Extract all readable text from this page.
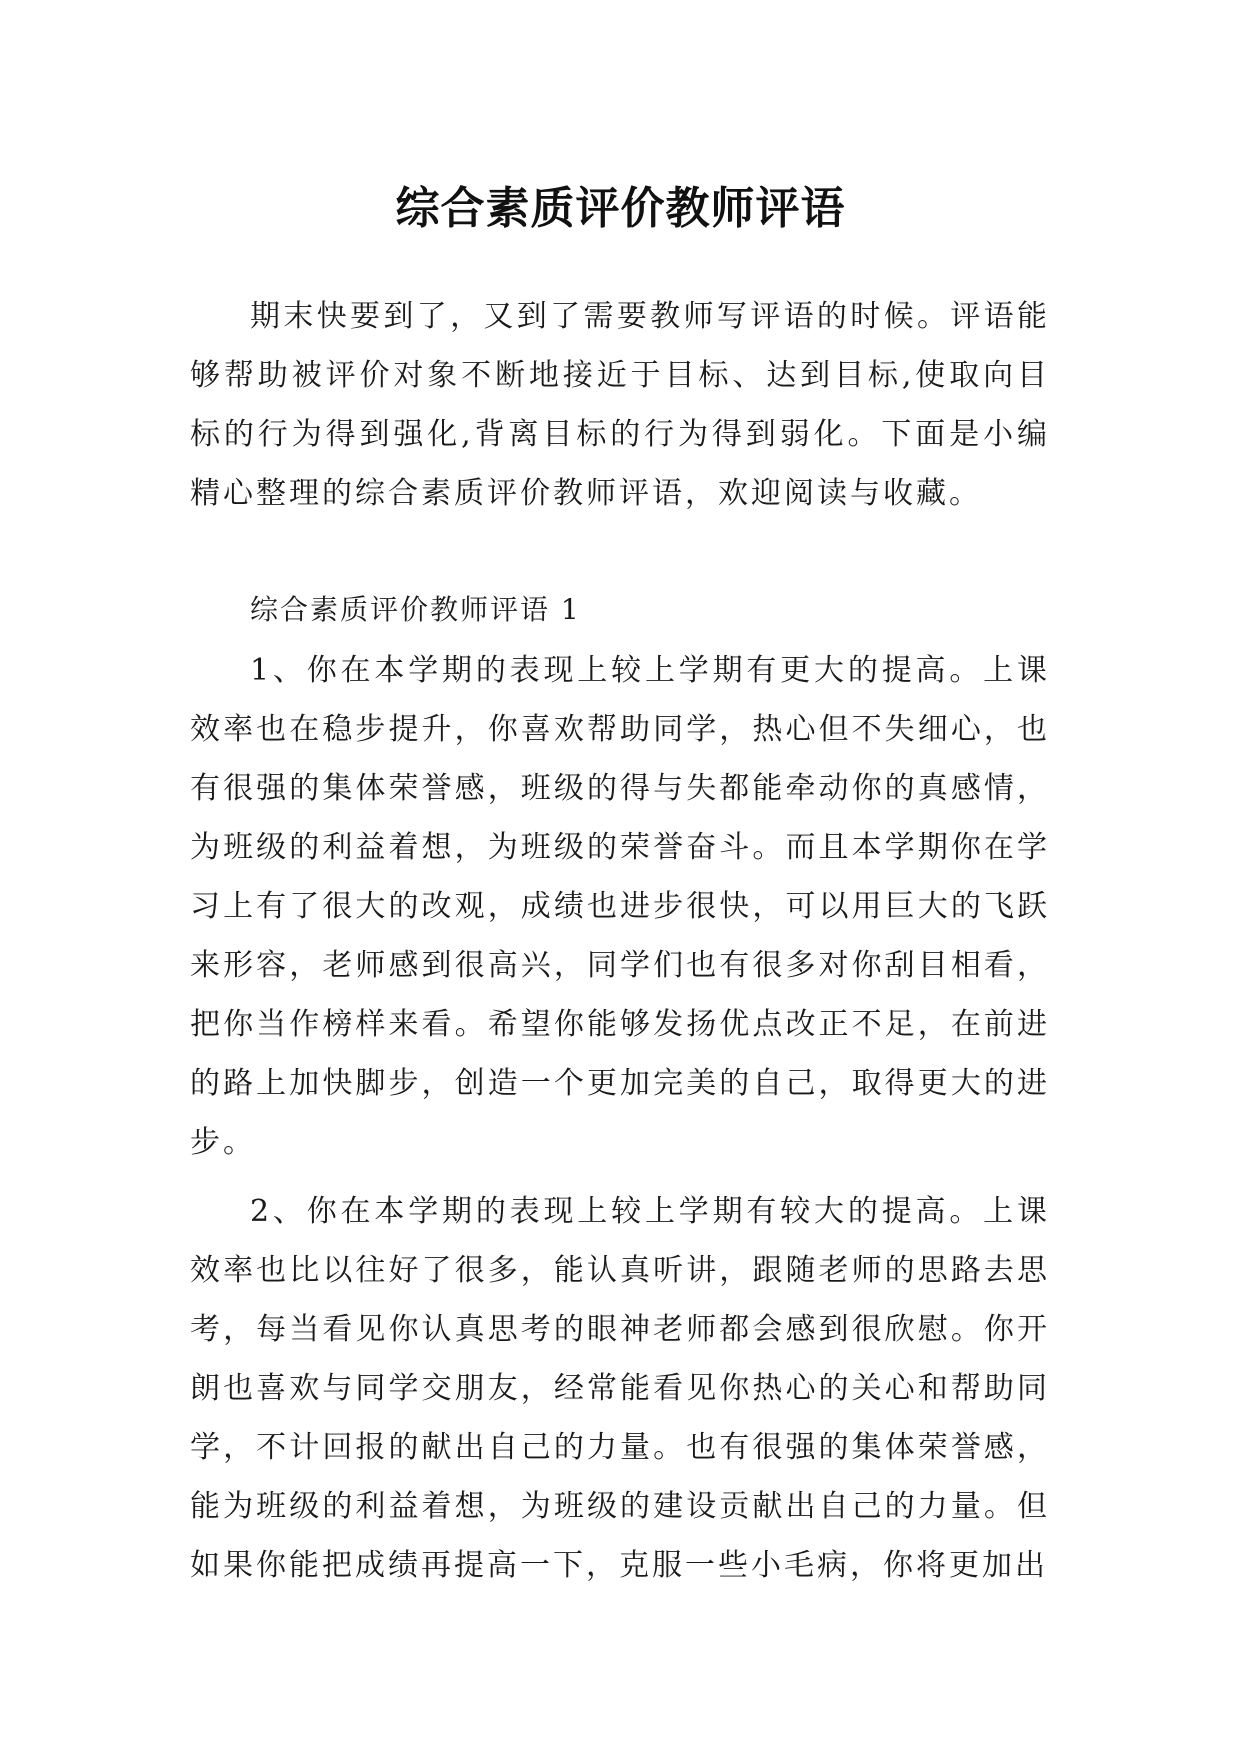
综合素质评价教师评语

期末快要到了，又到了需要教师写评语的时候。评语能够帮助被评价对象不断地接近于目标、达到目标,使取向目标的行为得到强化,背离目标的行为得到弱化。下面是小编精心整理的综合素质评价教师评语，欢迎阅读与收藏。

综合素质评价教师评语 1

1、你在本学期的表现上较上学期有更大的提高。上课效率也在稳步提升，你喜欢帮助同学，热心但不失细心，也有很强的集体荣誉感，班级的得与失都能牵动你的真感情，为班级的利益着想，为班级的荣誉奋斗。而且本学期你在学习上有了很大的改观，成绩也进步很快，可以用巨大的飞跃来形容，老师感到很高兴，同学们也有很多对你刮目相看，把你当作榜样来看。希望你能够发扬优点改正不足，在前进的路上加快脚步，创造一个更加完美的自己，取得更大的进步。

2、你在本学期的表现上较上学期有较大的提高。上课效率也比以往好了很多，能认真听讲，跟随老师的思路去思考，每当看见你认真思考的眼神老师都会感到很欣慰。你开朗也喜欢与同学交朋友，经常能看见你热心的关心和帮助同学，不计回报的献出自己的力量。也有很强的集体荣誉感，能为班级的利益着想，为班级的建设贡献出自己的力量。但如果你能把成绩再提高一下，克服一些小毛病，你将更加出
